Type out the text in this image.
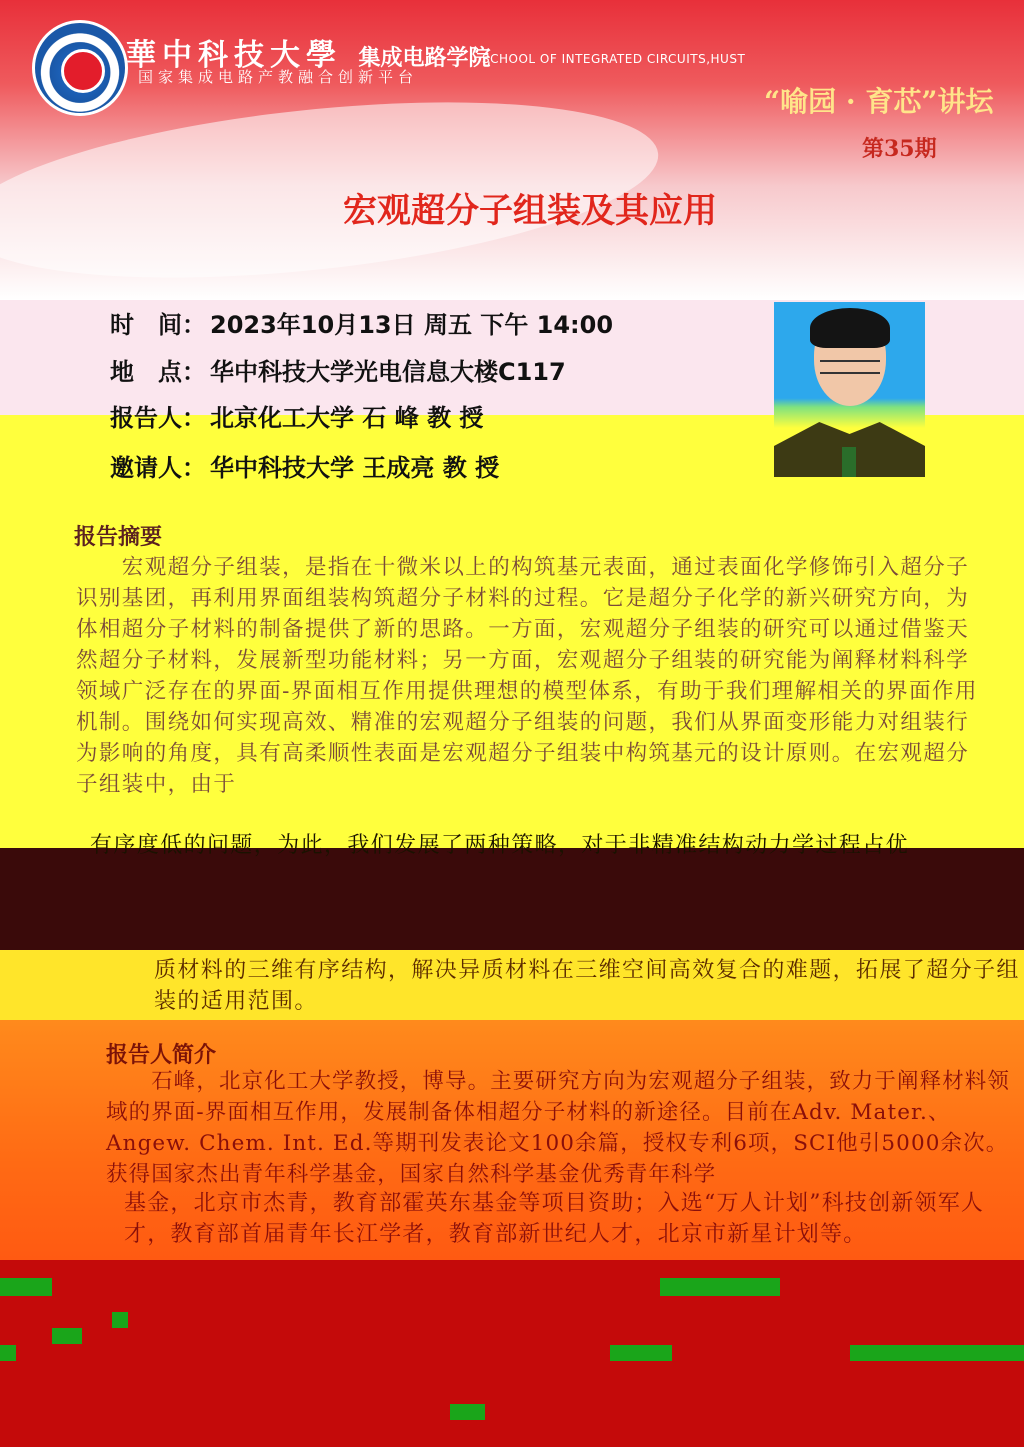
華中科技大學 集成电路学院
国家集成电路产教融合创新平台
SCHOOL OF INTEGRATED CIRCUITS,HUST
“喻园 · 育芯”讲坛
第35期
宏观超分子组装及其应用
时　间： 2023年10月13日 周五 下午 14:00
地　点： 华中科技大学光电信息大楼C117
报告人： 北京化工大学 石 峰 教 授
邀请人： 华中科技大学 王成亮 教 授
报告摘要

　　宏观超分子组装，是指在十微米以上的构筑基元表面，通过表面化学修饰引入超分子识别基团，再利用界面组装构筑超分子材料的过程。它是超分子化学的新兴研究方向，为体相超分子材料的制备提供了新的思路。一方面，宏观超分子组装的研究可以通过借鉴天然超分子材料，发展新型功能材料；另一方面，宏观超分子组装的研究能为阐释材料科学领域广泛存在的界面-界面相互作用提供理想的模型体系，有助于我们理解相关的界面作用机制。围绕如何实现高效、精准的宏观超分子组装的问题，我们从界面变形能力对组装行为影响的角度，具有高柔顺性表面是宏观超分子组装中构筑基元的设计原则。在宏观超分子组装中，由于

有序度低的问题，为此，我们发展了两种策略，对于非精准结构动力学过程占优

质材料的三维有序结构，解决异质材料在三维空间高效复合的难题，拓展了超分子组装的适用范围。

报告人简介

　　石峰，北京化工大学教授，博导。主要研究方向为宏观超分子组装，致力于阐释材料领域的界面-界面相互作用，发展制备体相超分子材料的新途径。目前在Adv. Mater.、Angew. Chem. Int. Ed.等期刊发表论文100余篇，授权专利6项，SCI他引5000余次。获得国家杰出青年科学基金，国家自然科学基金优秀青年科学

基金，北京市杰青，教育部霍英东基金等项目资助；入选“万人计划”科技创新领军人才，教育部首届青年长江学者，教育部新世纪人才，北京市新星计划等。
